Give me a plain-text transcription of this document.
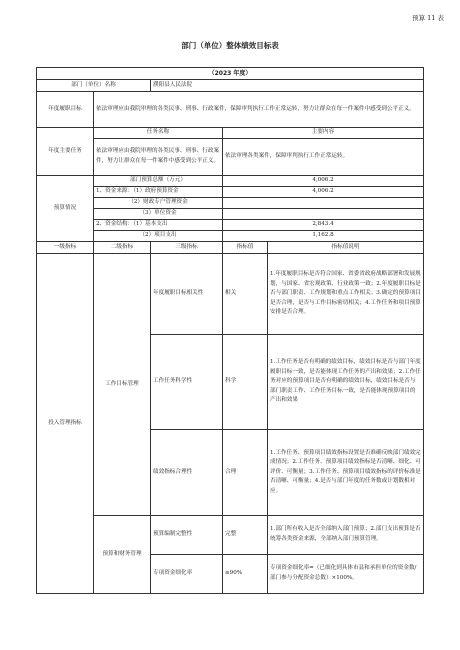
预算 11 表
部门（单位）整体绩效目标表
（2023 年度）				
部门（单位）名称		濮阳县人民法院		
年度履职目标	依法审理应由我院审理的各类民事、刑事、行政案件，保障审判执行工作正常运转，努力让群众在每一件案件中感受到公平正义。			
年度主要任务	任务名称		主要内容	
	依法审理应由我院审理的各类民事、刑事、行政案件，努力让群众在每一件案件中感受到公平正义。		依法审理各类案件，保障审判执行工作正常运转。	
预算情况	部门预算总额（万元）		4,006.2	
	1、资金来源：（1）政府预算资金		4,006.2	
	（2）财政专户管理资金			
	（3）单位资金			
	2、资金结构：（1）基本支出		2,843.4	
	（2）项目支出		1,162.8	
一级指标	二级指标	三级指标	指标值	指标值说明
投入管理指标	工作目标管理	年度履职目标相关性	相关	1.年度履职目标是否符合国家、省委省政府战略部署和发展规划，与国家、省宏观政策、行业政策一致；2.年度履职目标是否与部门职责、工作规划和重点工作相关；3.确定的预算项目是否合理，是否与工作目标密切相关；4.工作任务和项目预算安排是否合理。
		工作任务科学性	科学	1.工作任务是否有明确的绩效目标，绩效目标是否与部门年度履职目标一致，是否能体现工作任务的产出和效果；2.工作任务对应的预算项目是否有明确的绩效目标，绩效目标是否与部门职责工作、工作任务目标一致，是否能体现预算项目的产出和效果
		绩效指标合理性	合理	1.工作任务、预算项目绩效指标设置是否准确反映部门绩效完成情况；2.工作任务、预算项目绩效指标是否清晰、细化、可评价、可衡量；3.工作任务、预算项目绩效指标的评价标准是否清晰、可衡量；4.是否与部门年度的任务数或计划数相对应。
	预算和财务管理	预算编制完整性	完整	1.部门所有收入是否全部纳入部门预算；2.部门支出预算是否统筹各类资金来源，全部纳入部门预算管理。
		专项资金细化率	≥90%	专项资金细化率=（已细化到具体市县和承担单位的资金数/部门参与分配资金总数）×100%。
